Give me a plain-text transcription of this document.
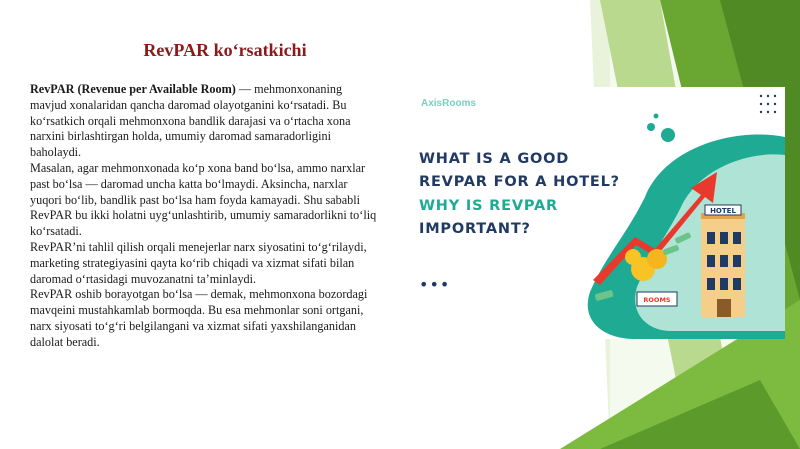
RevPAR ko‘rsatkichi

RevPAR (Revenue per Available Room) — mehmonxonaning mavjud xonalaridan qancha daromad olayotganini ko‘rsatadi. Bu ko‘rsatkich orqali mehmonxona bandlik darajasi va o‘rtacha xona narxini birlashtirgan holda, umumiy daromad samaradorligini baholaydi.

Masalan, agar mehmonxonada ko‘p xona band bo‘lsa, ammo narxlar past bo‘lsa — daromad uncha katta bo‘lmaydi. Aksincha, narxlar yuqori bo‘lib, bandlik past bo‘lsa ham foyda kamayadi. Shu sababli RevPAR bu ikki holatni uyg‘unlashtirib, umumiy samaradorlikni to‘liq ko‘rsatadi.

RevPAR’ni tahlil qilish orqali menejerlar narx siyosatini to‘g‘rilaydi, marketing strategiyasini qayta ko‘rib chiqadi va xizmat sifati bilan daromad o‘rtasidagi muvozanatni ta’minlaydi.

RevPAR oshib borayotgan bo‘lsa — demak, mehmonxona bozordagi mavqeini mustahkamlab bormoqda. Bu esa mehmonlar soni ortgani, narx siyosati to‘g‘ri belgilangani va xizmat sifati yaxshilanganidan dalolat beradi.

HOTEL
ROOMS
AxisRooms
WHAT IS A GOOD
REVPAR FOR A HOTEL?
WHY IS REVPAR
IMPORTANT?
•••
